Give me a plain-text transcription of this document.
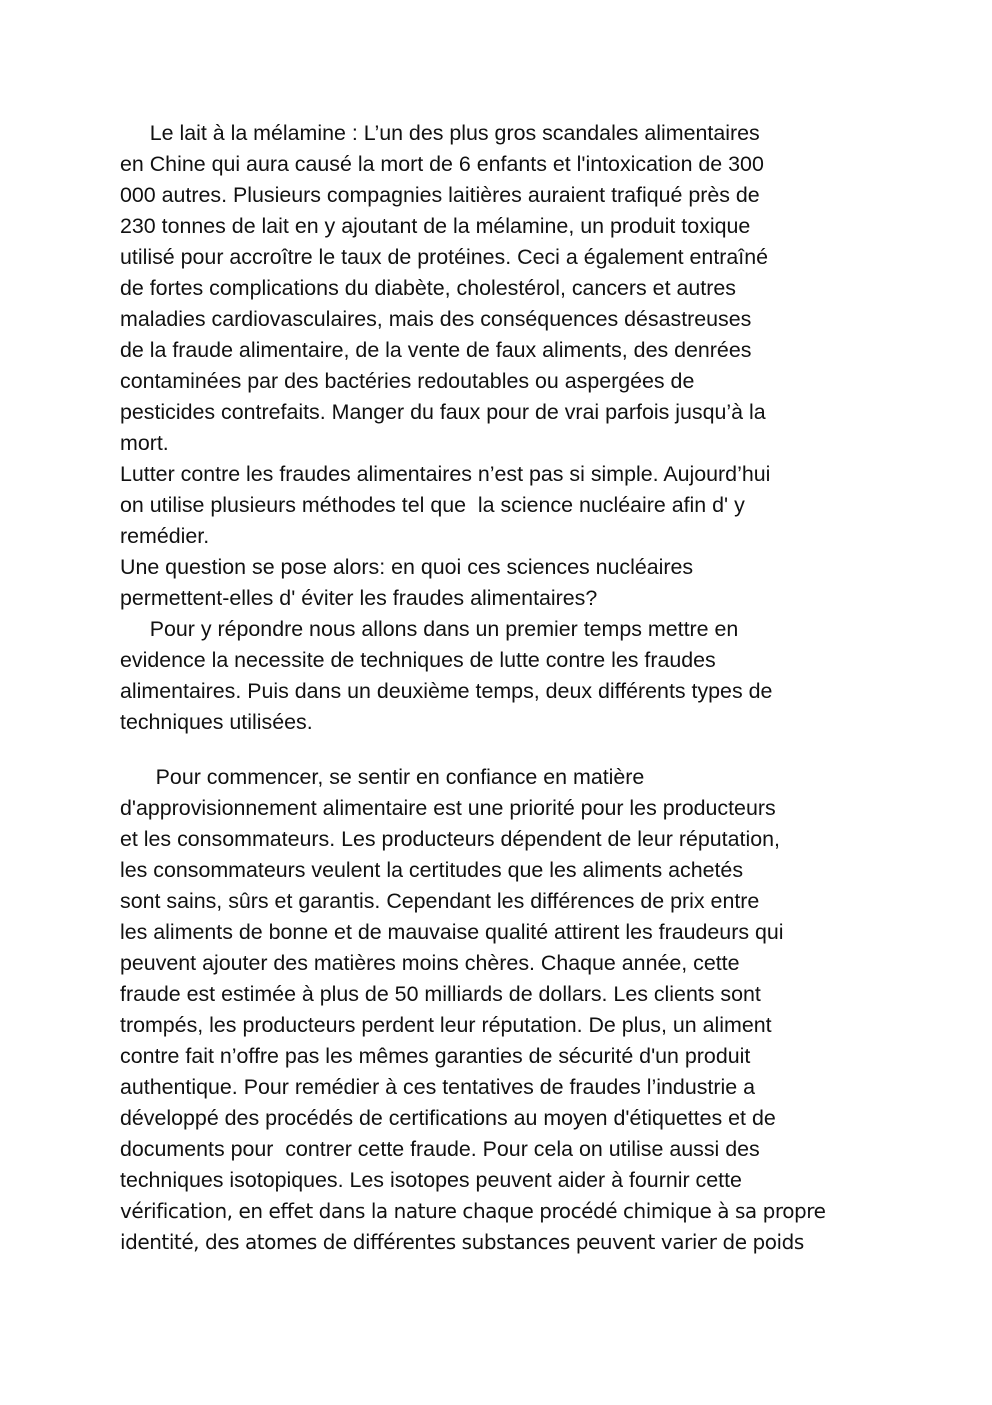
Le lait à la mélamine : L’un des plus gros scandales alimentaires
en Chine qui aura causé la mort de 6 enfants et l'intoxication de 300
000 autres. Plusieurs compagnies laitières auraient trafiqué près de
230 tonnes de lait en y ajoutant de la mélamine, un produit toxique
utilisé pour accroître le taux de protéines. Ceci a également entraîné
de fortes complications du diabète, cholestérol, cancers et autres
maladies cardiovasculaires, mais des conséquences désastreuses
de la fraude alimentaire, de la vente de faux aliments, des denrées
contaminées par des bactéries redoutables ou aspergées de
pesticides contrefaits. Manger du faux pour de vrai parfois jusqu’à la
mort.
Lutter contre les fraudes alimentaires n’est pas si simple. Aujourd’hui
on utilise plusieurs méthodes tel que  la science nucléaire afin d' y
remédier.
Une question se pose alors: en quoi ces sciences nucléaires
permettent-elles d' éviter les fraudes alimentaires?
Pour y répondre nous allons dans un premier temps mettre en
evidence la necessite de techniques de lutte contre les fraudes
alimentaires. Puis dans un deuxième temps, deux différents types de
techniques utilisées.
Pour commencer, se sentir en confiance en matière
d'approvisionnement alimentaire est une priorité pour les producteurs
et les consommateurs. Les producteurs dépendent de leur réputation,
les consommateurs veulent la certitudes que les aliments achetés
sont sains, sûrs et garantis. Cependant les différences de prix entre
les aliments de bonne et de mauvaise qualité attirent les fraudeurs qui
peuvent ajouter des matières moins chères. Chaque année, cette
fraude est estimée à plus de 50 milliards de dollars. Les clients sont
trompés, les producteurs perdent leur réputation. De plus, un aliment
contre fait n’offre pas les mêmes garanties de sécurité d'un produit
authentique. Pour remédier à ces tentatives de fraudes l’industrie a
développé des procédés de certifications au moyen d'étiquettes et de
documents pour  contrer cette fraude. Pour cela on utilise aussi des
techniques isotopiques. Les isotopes peuvent aider à fournir cette
vérification, en effet dans la nature chaque procédé chimique à sa propre
identité, des atomes de différentes substances peuvent varier de poids
